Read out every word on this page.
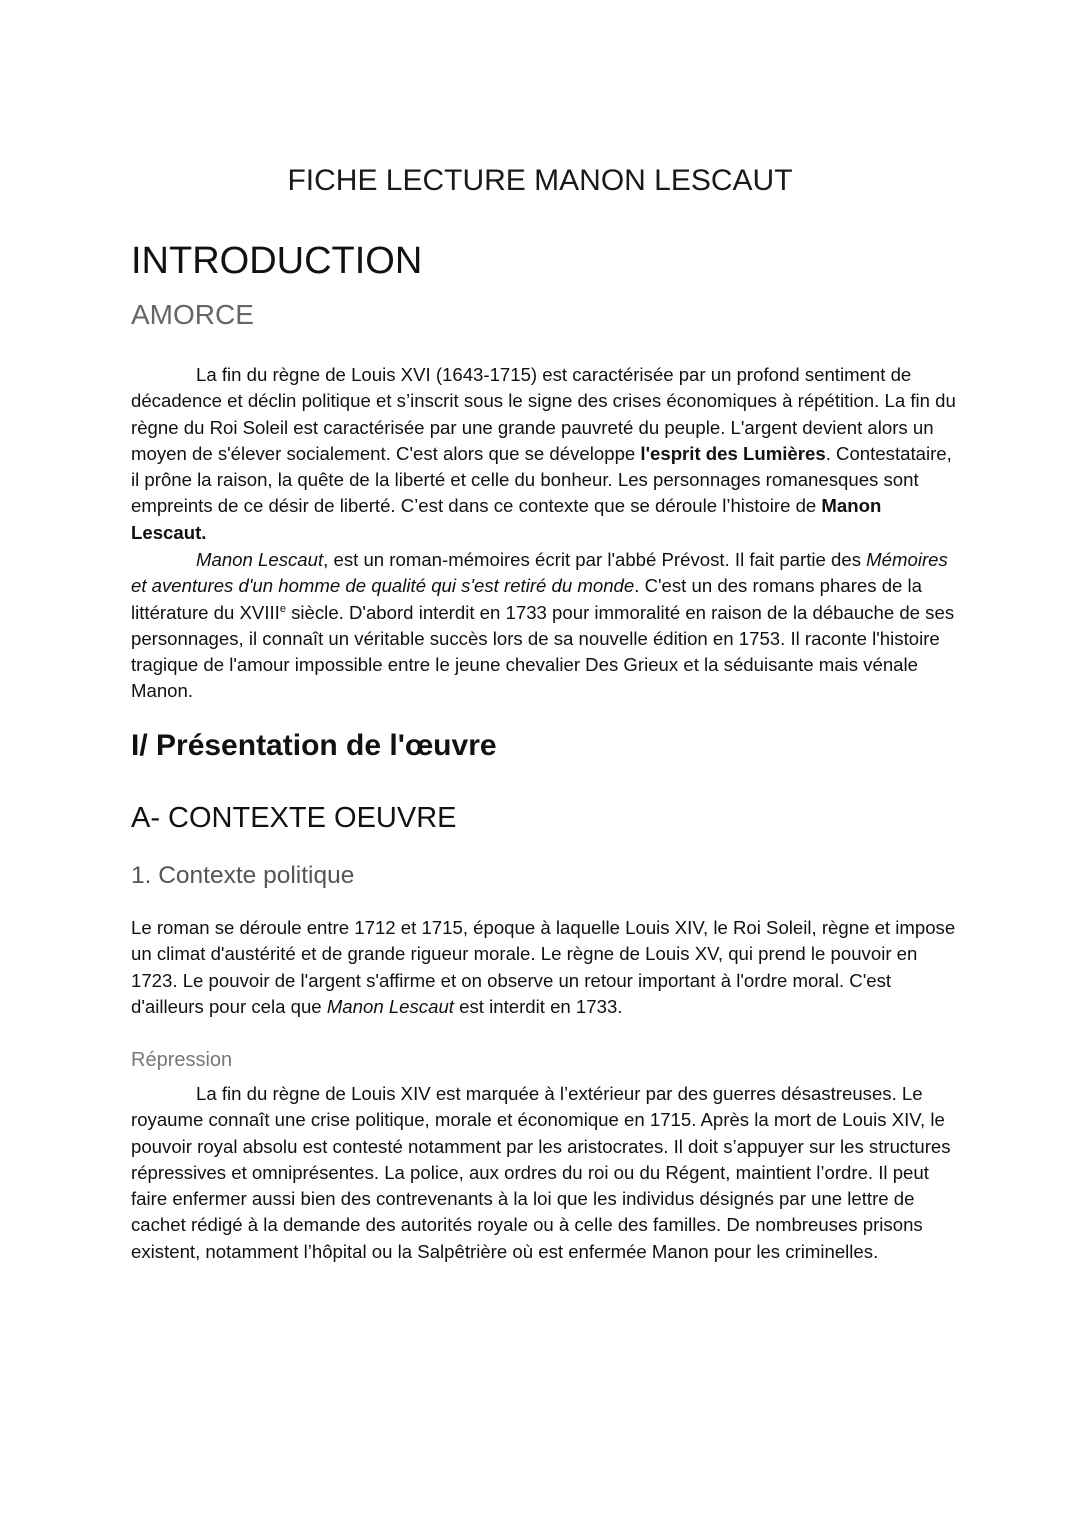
FICHE LECTURE MANON LESCAUT
INTRODUCTION
AMORCE

La fin du règne de Louis XVI (1643-1715) est caractérisée par un profond sentiment de décadence et déclin politique et s’inscrit sous le signe des crises économiques à répétition. La fin du règne du Roi Soleil est caractérisée par une grande pauvreté du peuple. L'argent devient alors un moyen de s'élever socialement. C'est alors que se développe l'esprit des Lumières. Contestataire, il prône la raison, la quête de la liberté et celle du bonheur. Les personnages romanesques sont empreints de ce désir de liberté. C’est dans ce contexte que se déroule l’histoire de Manon Lescaut.

Manon Lescaut, est un roman-mémoires écrit par l'abbé Prévost. Il fait partie des Mémoires et aventures d'un homme de qualité qui s'est retiré du monde. C'est un des romans phares de la littérature du XVIIIe siècle. D'abord interdit en 1733 pour immoralité en raison de la débauche de ses personnages, il connaît un véritable succès lors de sa nouvelle édition en 1753. Il raconte l'histoire tragique de l'amour impossible entre le jeune chevalier Des Grieux et la séduisante mais vénale Manon.

I/ Présentation de l'œuvre
A- CONTEXTE OEUVRE
1. Contexte politique

Le roman se déroule entre 1712 et 1715, époque à laquelle Louis XIV, le Roi Soleil, règne et impose un climat d'austérité et de grande rigueur morale. Le règne de Louis XV, qui prend le pouvoir en 1723. Le pouvoir de l'argent s'affirme et on observe un retour important à l'ordre moral. C'est d'ailleurs pour cela que Manon Lescaut est interdit en 1733.

Répression

La fin du règne de Louis XIV est marquée à l’extérieur par des guerres désastreuses. Le royaume connaît une crise politique, morale et économique en 1715. Après la mort de Louis XIV, le pouvoir royal absolu est contesté notamment par les aristocrates. Il doit s’appuyer sur les structures répressives et omniprésentes. La police, aux ordres du roi ou du Régent, maintient l’ordre. Il peut faire enfermer aussi bien des contrevenants à la loi que les individus désignés par une lettre de cachet rédigé à la demande des autorités royale ou à celle des familles. De nombreuses prisons existent, notamment l’hôpital ou la Salpêtrière où est enfermée Manon pour les criminelles.
